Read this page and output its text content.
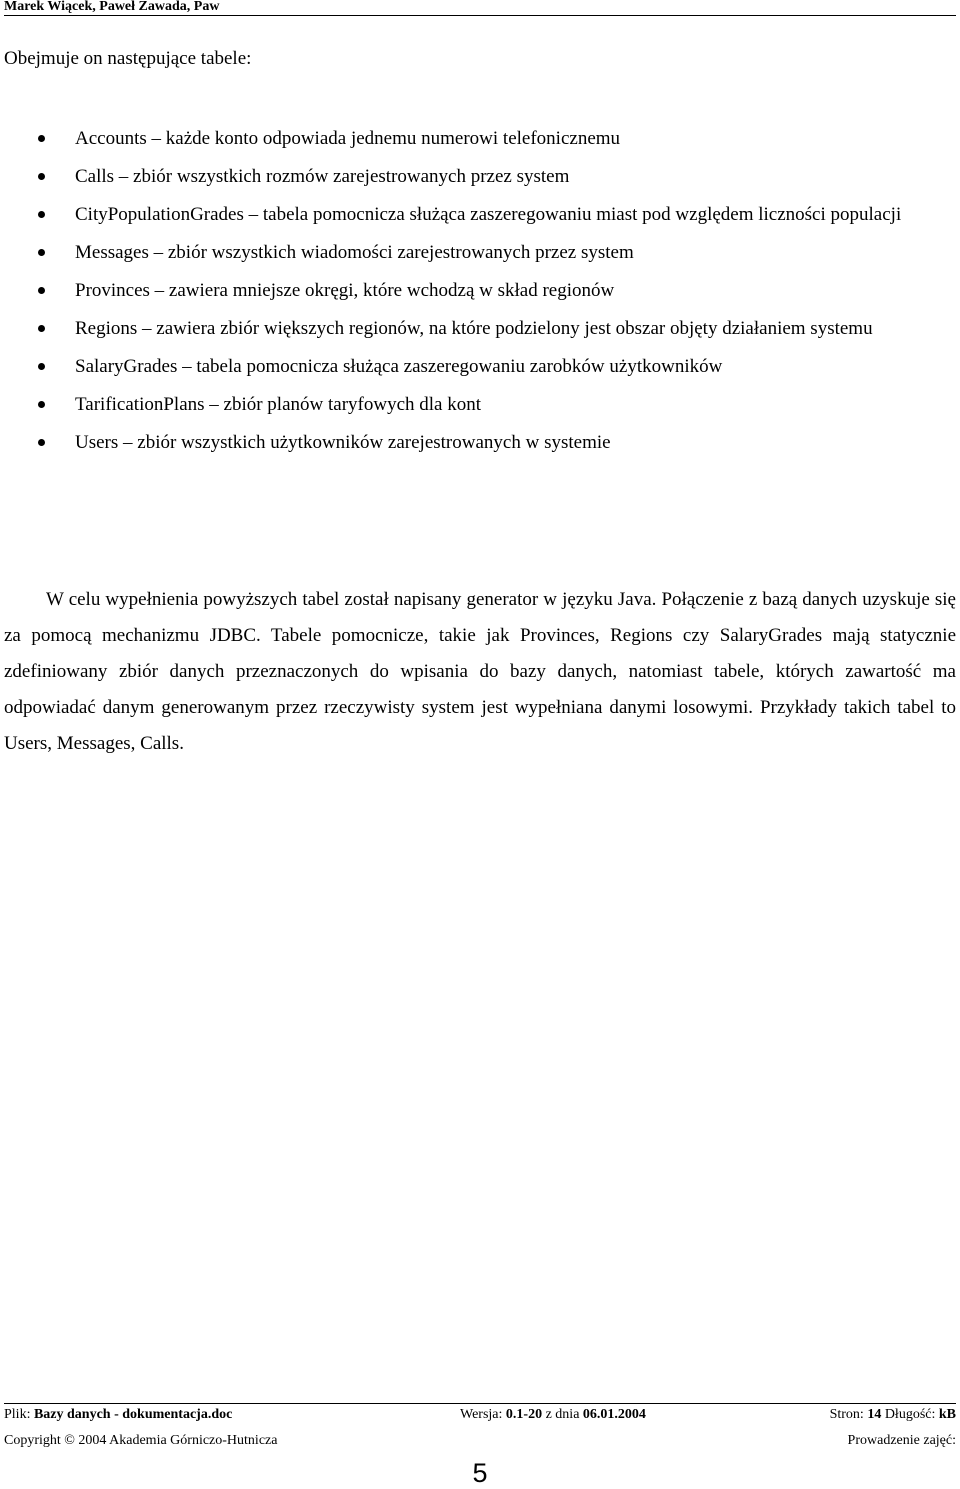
Marek Wiącek, Paweł Zawada, Paw

Obejmuje on następujące tabele:

Accounts – każde konto odpowiada jednemu numerowi telefonicznemu
Calls – zbiór wszystkich rozmów zarejestrowanych przez system
CityPopulationGrades – tabela pomocnicza służąca zaszeregowaniu miast pod względem liczności populacji
Messages – zbiór wszystkich wiadomości zarejestrowanych przez system
Provinces – zawiera mniejsze okręgi, które wchodzą w skład regionów
Regions – zawiera zbiór większych regionów, na które podzielony jest obszar objęty działaniem systemu
SalaryGrades – tabela pomocnicza służąca zaszeregowaniu zarobków użytkowników
TarificationPlans – zbiór planów taryfowych dla kont
Users – zbiór wszystkich użytkowników zarejestrowanych w systemie

W celu wypełnienia powyższych tabel został napisany generator w języku Java. Połączenie z bazą danych uzyskuje się za pomocą mechanizmu JDBC. Tabele pomocnicze, takie jak Provinces, Regions czy SalaryGrades mają statycznie zdefiniowany zbiór danych przeznaczonych do wpisania do bazy danych, natomiast tabele, których zawartość ma odpowiadać danym generowanym przez rzeczywisty system jest wypełniana danymi losowymi. Przykłady takich tabel to Users, Messages, Calls.

Plik: Bazy danych - dokumentacja.doc	Wersja: 0.1-20 z dnia 06.01.2004	Stron: 14 Długość: kB
Copyright © 2004 Akademia Górniczo-Hutnicza	Prowadzenie zajęć:
5
